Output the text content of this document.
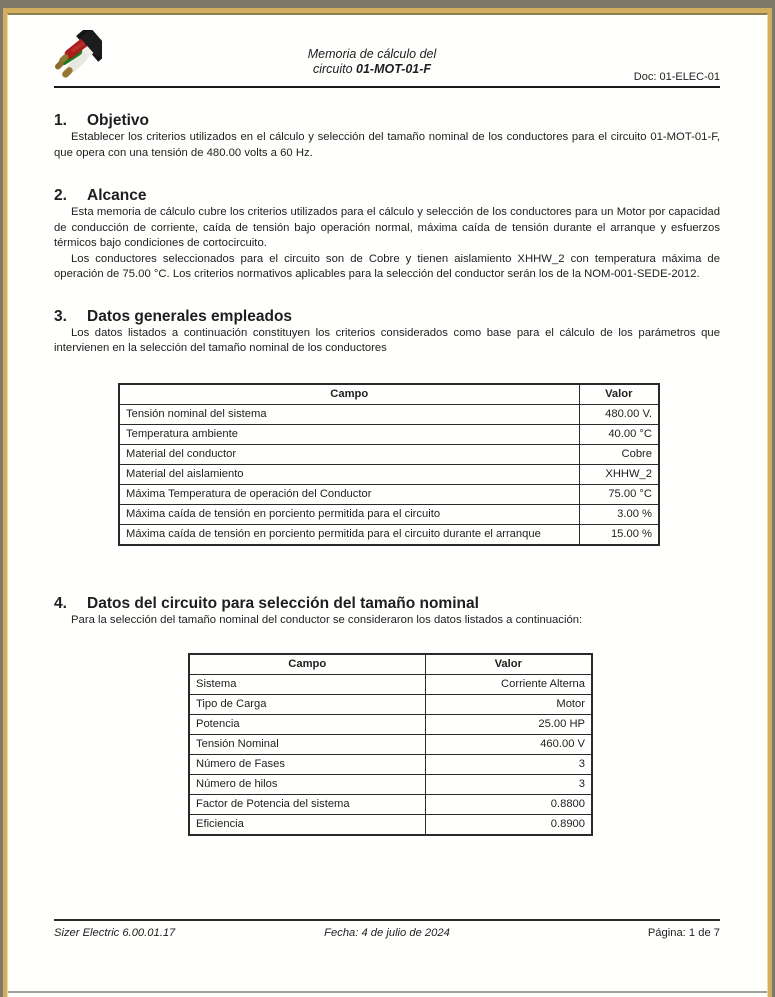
Memoria de cálculo del
circuito 01-MOT-01-F
Doc: 01-ELEC-01
1.	Objetivo

Establecer los criterios utilizados en el cálculo y selección del tamaño nominal de los conductores para el circuito 01-MOT-01-F, que opera con una tensión de 480.00 volts a 60 Hz.

2.	Alcance

Esta memoria de cálculo cubre los criterios utilizados para el cálculo y selección de los conductores para un Motor por capacidad de conducción de corriente, caída de tensión bajo operación normal, máxima caída de tensión durante el arranque y esfuerzos térmicos bajo condiciones de cortocircuito.

Los conductores seleccionados para el circuito son de Cobre y tienen aislamiento XHHW_2 con temperatura máxima de operación de 75.00 °C. Los criterios normativos aplicables para la selección del conductor serán los de la NOM-001-SEDE-2012.

3.	Datos generales empleados

Los datos listados a continuación constituyen los criterios considerados como base para el cálculo de los parámetros que intervienen en la selección del tamaño nominal de los conductores

Campo	Valor
Tensión nominal del sistema	480.00 V.
Temperatura ambiente	40.00 °C
Material del conductor	Cobre
Material del aislamiento	XHHW_2
Máxima Temperatura de operación del Conductor	75.00 °C
Máxima caída de tensión en porciento permitida para el circuito	3.00 %
Máxima caída de tensión en porciento permitida para el circuito durante el arranque	15.00 %
4.	Datos del circuito para selección del tamaño nominal

Para la selección del tamaño nominal del conductor se consideraron los datos listados a continuación:

Campo	Valor
Sistema	Corriente Alterna
Tipo de Carga	Motor
Potencia	25.00 HP
Tensión Nominal	460.00 V
Número de Fases	3
Número de hilos	3
Factor de Potencia del sistema	0.8800
Eficiencia	0.8900
Sizer Electric 6.00.01.17	Fecha: 4 de julio de 2024	Página: 1 de 7
